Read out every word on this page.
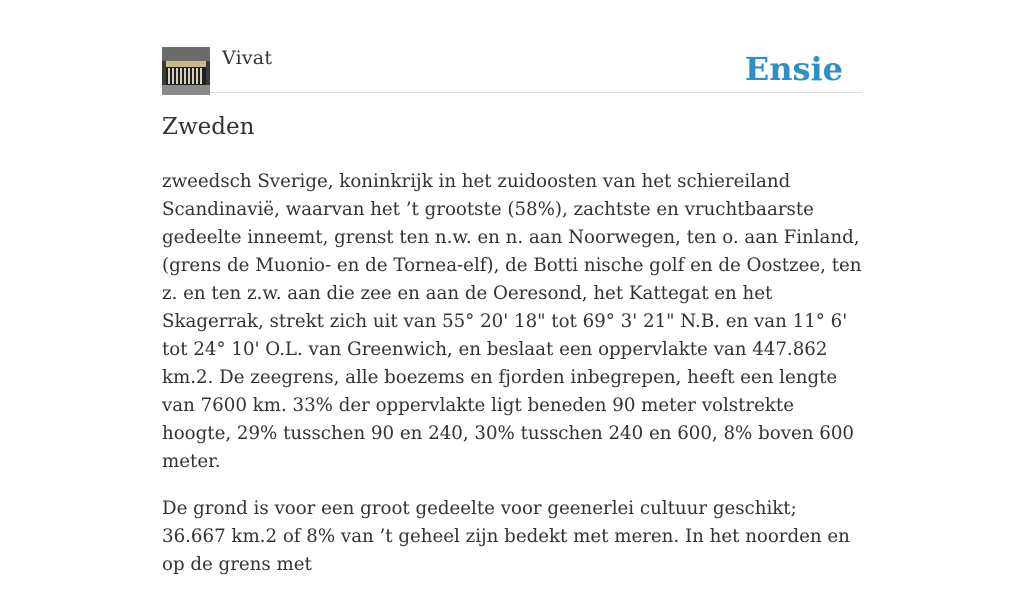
Vivat	Ensie
Zweden

zweedsch Sverige, koninkrijk in het zuidoosten van het schiereiland Scandinavië, waarvan het ’t grootste (58%), zachtste en vruchtbaarste gedeelte inneemt, grenst ten n.w. en n. aan Noorwegen, ten o. aan Finland, (grens de Muonio- en de Tornea-elf), de Botti nische golf en de Oostzee, ten z. en ten z.w. aan die zee en aan de Oeresond, het Kattegat en het Skagerrak, strekt zich uit van 55° 20' 18" tot 69° 3' 21" N.B. en van 11° 6' tot 24° 10' O.L. van Greenwich, en beslaat een oppervlakte van 447.862 km.2. De zeegrens, alle boezems en fjorden inbegrepen, heeft een lengte van 7600 km. 33% der oppervlakte ligt beneden 90 meter volstrekte hoogte, 29% tusschen 90 en 240, 30% tusschen 240 en 600, 8% boven 600 meter.

De grond is voor een groot gedeelte voor geenerlei cultuur geschikt; 36.667 km.2 of 8% van ’t geheel zijn bedekt met meren. In het noorden en op de grens met
